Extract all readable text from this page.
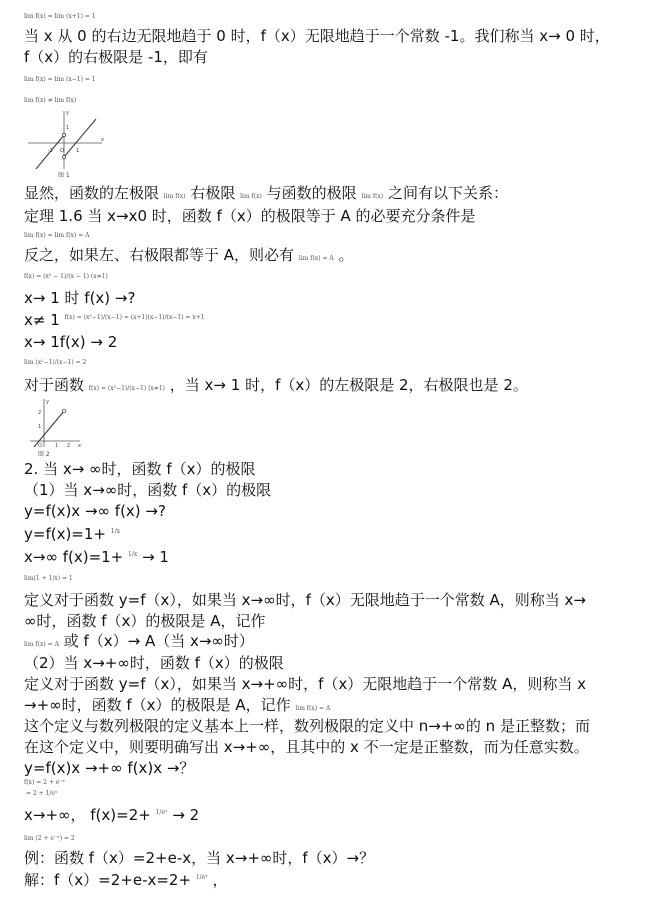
lim f(x) = lim (x+1) = 1
当 x 从 0 的右边无限地趋于 0 时，f（x）无限地趋于一个常数 -1。我们称当 x→ 0 时，
f（x）的右极限是 -1，即有
lim f(x) = lim (x−1) = 1
lim f(x) ≠ lim f(x)
O
-1
1
1
x
y
图 1
显然，函数的左极限 lim f(x) 右极限 lim f(x) 与函数的极限 lim f(x) 之间有以下关系：
定理 1.6 当 x→x0 时，函数 f（x）的极限等于 A 的必要充分条件是
lim f(x) = lim f(x) = A
反之，如果左、右极限都等于 A，则必有 lim f(x) = A 。
f(x) = (x² − 1)/(x − 1) (x≠1)
x→ 1 时 f(x) →?
x≠ 1 $^{f(x) = (x^2-1)/(x-1) = (x+1)(x-1)/(x-1) = x+1}$
x→ 1f(x) → 2
lim (x²−1)/(x−1) = 2
对于函数 f(x) = (x²−1)/(x−1) (x≠1) ，当 x→ 1 时，f（x）的左极限是 2，右极限也是 2。
y
2
1
O	1 2 x
图 2
2. 当 x→ ∞时，函数 f（x）的极限
（1）当 x→∞时，函数 f（x）的极限
y=f(x)x →∞ f(x) →?
y=f(x)=1+ $^{1/x}$
x→∞ f(x)=1+ $^{1/x}$ → 1
lim(1 + 1/x) = 1
定义对于函数 y=f（x），如果当 x→∞时，f（x）无限地趋于一个常数 A，则称当 x→
∞时，函数 f（x）的极限是 A，记作
lim f(x) = A 或 f（x）→ A（当 x→∞时）
（2）当 x→+∞时，函数 f（x）的极限
定义对于函数 y=f（x），如果当 x→+∞时，f（x）无限地趋于一个常数 A，则称当 x
→+∞时，函数 f（x）的极限是 A，记作 lim f(x) = A
这个定义与数列极限的定义基本上一样，数列极限的定义中 n→+∞的 n 是正整数；而
在这个定义中，则要明确写出 x→+∞，且其中的 x 不一定是正整数，而为任意实数。
y=f(x)x →+∞ f(x)x →？
f(x) = 2 + e⁻ˣ
= 2 + 1/eˣ
x→+∞， f(x)=2+ $^{1/eˣ}$ → 2
lim (2 + e⁻ˣ) = 2
例：函数 f（x）=2+e-x，当 x→+∞时，f（x）→？
解：f（x）=2+e-x=2+ $^{1/eˣ}$ ，
